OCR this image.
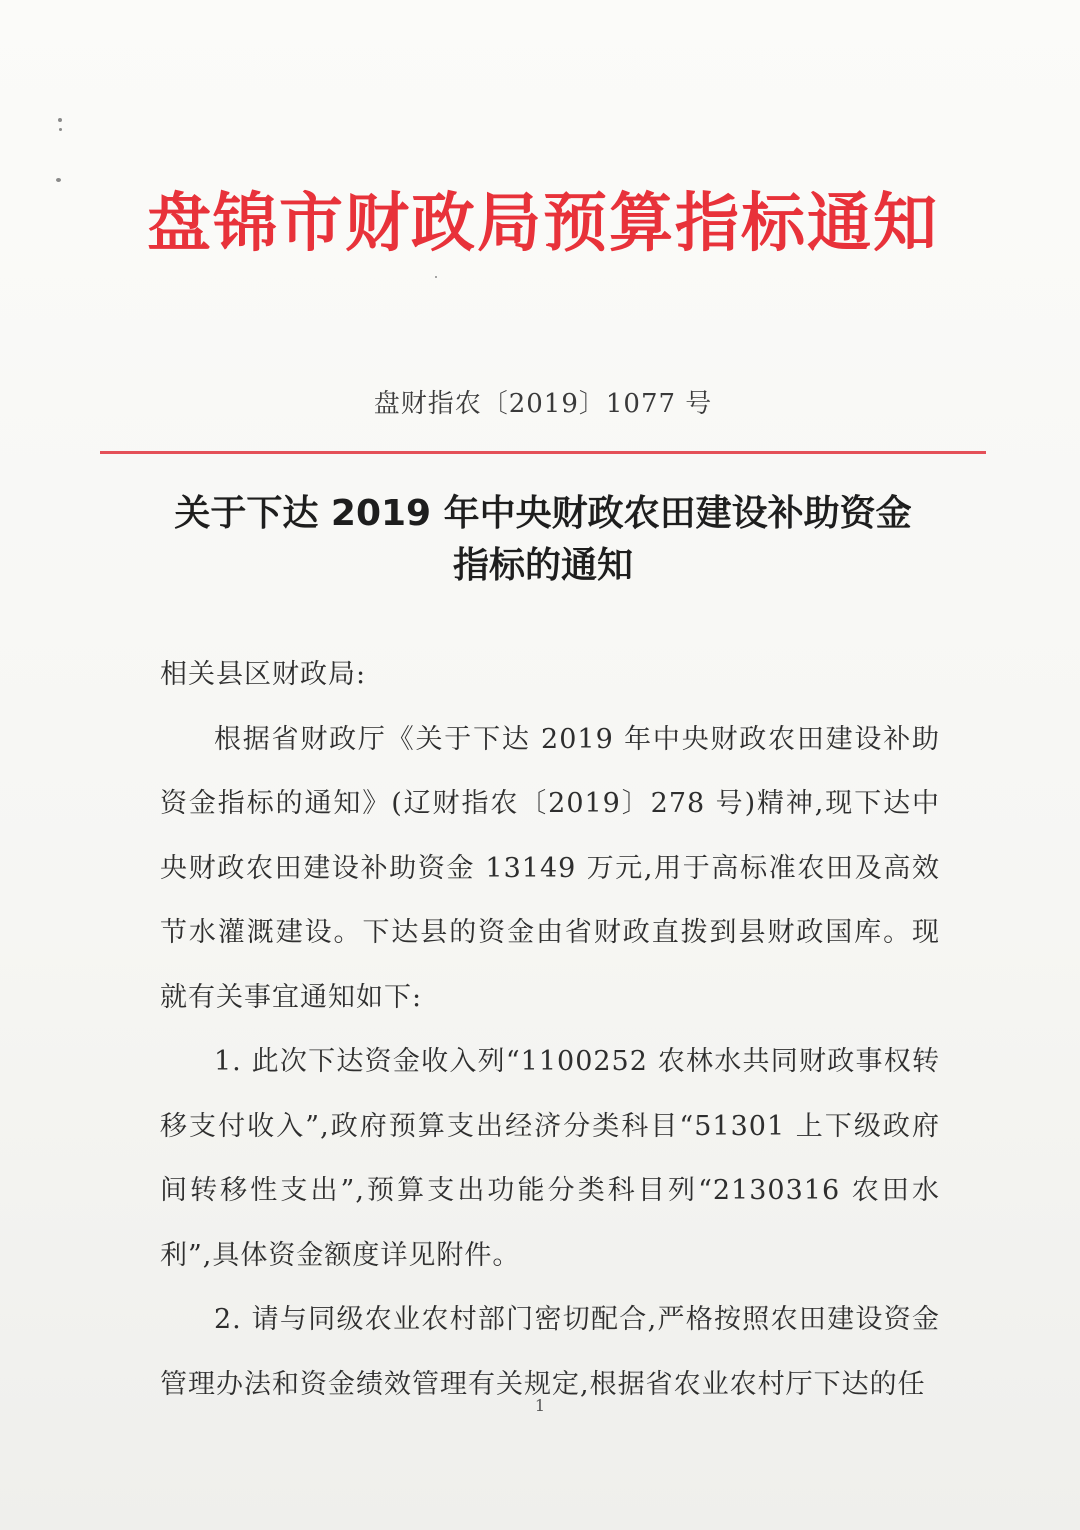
盘锦市财政局预算指标通知
盘财指农〔2019〕1077 号
关于下达 2019 年中央财政农田建设补助资金
指标的通知

相关县区财政局:

根据省财政厅《关于下达 2019 年中央财政农田建设补助资金指标的通知》(辽财指农〔2019〕278 号)精神,现下达中央财政农田建设补助资金 13149 万元,用于高标准农田及高效节水灌溉建设。下达县的资金由省财政直拨到县财政国库。现就有关事宜通知如下:

1. 此次下达资金收入列“1100252 农林水共同财政事权转移支付收入”,政府预算支出经济分类科目“51301 上下级政府间转移性支出”,预算支出功能分类科目列“2130316 农田水利”,具体资金额度详见附件。

2. 请与同级农业农村部门密切配合,严格按照农田建设资金管理办法和资金绩效管理有关规定,根据省农业农村厅下达的任

1
